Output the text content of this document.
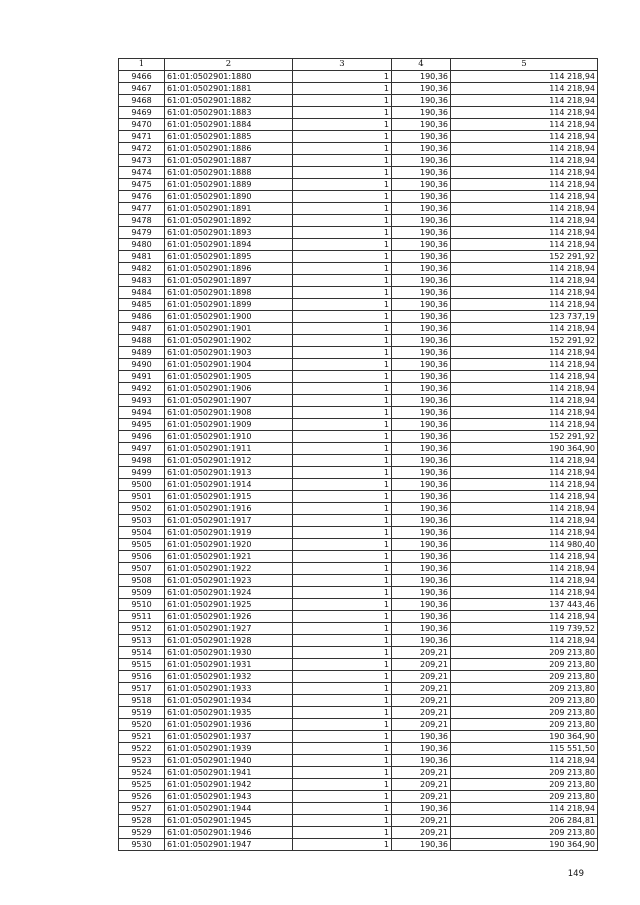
1	2	3	4	5
9466	61:01:0502901:1880	1	190,36	114 218,94
9467	61:01:0502901:1881	1	190,36	114 218,94
9468	61:01:0502901:1882	1	190,36	114 218,94
9469	61:01:0502901:1883	1	190,36	114 218,94
9470	61:01:0502901:1884	1	190,36	114 218,94
9471	61:01:0502901:1885	1	190,36	114 218,94
9472	61:01:0502901:1886	1	190,36	114 218,94
9473	61:01:0502901:1887	1	190,36	114 218,94
9474	61:01:0502901:1888	1	190,36	114 218,94
9475	61:01:0502901:1889	1	190,36	114 218,94
9476	61:01:0502901:1890	1	190,36	114 218,94
9477	61:01:0502901:1891	1	190,36	114 218,94
9478	61:01:0502901:1892	1	190,36	114 218,94
9479	61:01:0502901:1893	1	190,36	114 218,94
9480	61:01:0502901:1894	1	190,36	114 218,94
9481	61:01:0502901:1895	1	190,36	152 291,92
9482	61:01:0502901:1896	1	190,36	114 218,94
9483	61:01:0502901:1897	1	190,36	114 218,94
9484	61:01:0502901:1898	1	190,36	114 218,94
9485	61:01:0502901:1899	1	190,36	114 218,94
9486	61:01:0502901:1900	1	190,36	123 737,19
9487	61:01:0502901:1901	1	190,36	114 218,94
9488	61:01:0502901:1902	1	190,36	152 291,92
9489	61:01:0502901:1903	1	190,36	114 218,94
9490	61:01:0502901:1904	1	190,36	114 218,94
9491	61:01:0502901:1905	1	190,36	114 218,94
9492	61:01:0502901:1906	1	190,36	114 218,94
9493	61:01:0502901:1907	1	190,36	114 218,94
9494	61:01:0502901:1908	1	190,36	114 218,94
9495	61:01:0502901:1909	1	190,36	114 218,94
9496	61:01:0502901:1910	1	190,36	152 291,92
9497	61:01:0502901:1911	1	190,36	190 364,90
9498	61:01:0502901:1912	1	190,36	114 218,94
9499	61:01:0502901:1913	1	190,36	114 218,94
9500	61:01:0502901:1914	1	190,36	114 218,94
9501	61:01:0502901:1915	1	190,36	114 218,94
9502	61:01:0502901:1916	1	190,36	114 218,94
9503	61:01:0502901:1917	1	190,36	114 218,94
9504	61:01:0502901:1919	1	190,36	114 218,94
9505	61:01:0502901:1920	1	190,36	114 980,40
9506	61:01:0502901:1921	1	190,36	114 218,94
9507	61:01:0502901:1922	1	190,36	114 218,94
9508	61:01:0502901:1923	1	190,36	114 218,94
9509	61:01:0502901:1924	1	190,36	114 218,94
9510	61:01:0502901:1925	1	190,36	137 443,46
9511	61:01:0502901:1926	1	190,36	114 218,94
9512	61:01:0502901:1927	1	190,36	119 739,52
9513	61:01:0502901:1928	1	190,36	114 218,94
9514	61:01:0502901:1930	1	209,21	209 213,80
9515	61:01:0502901:1931	1	209,21	209 213,80
9516	61:01:0502901:1932	1	209,21	209 213,80
9517	61:01:0502901:1933	1	209,21	209 213,80
9518	61:01:0502901:1934	1	209,21	209 213,80
9519	61:01:0502901:1935	1	209,21	209 213,80
9520	61:01:0502901:1936	1	209,21	209 213,80
9521	61:01:0502901:1937	1	190,36	190 364,90
9522	61:01:0502901:1939	1	190,36	115 551,50
9523	61:01:0502901:1940	1	190,36	114 218,94
9524	61:01:0502901:1941	1	209,21	209 213,80
9525	61:01:0502901:1942	1	209,21	209 213,80
9526	61:01:0502901:1943	1	209,21	209 213,80
9527	61:01:0502901:1944	1	190,36	114 218,94
9528	61:01:0502901:1945	1	209,21	206 284,81
9529	61:01:0502901:1946	1	209,21	209 213,80
9530	61:01:0502901:1947	1	190,36	190 364,90
149
